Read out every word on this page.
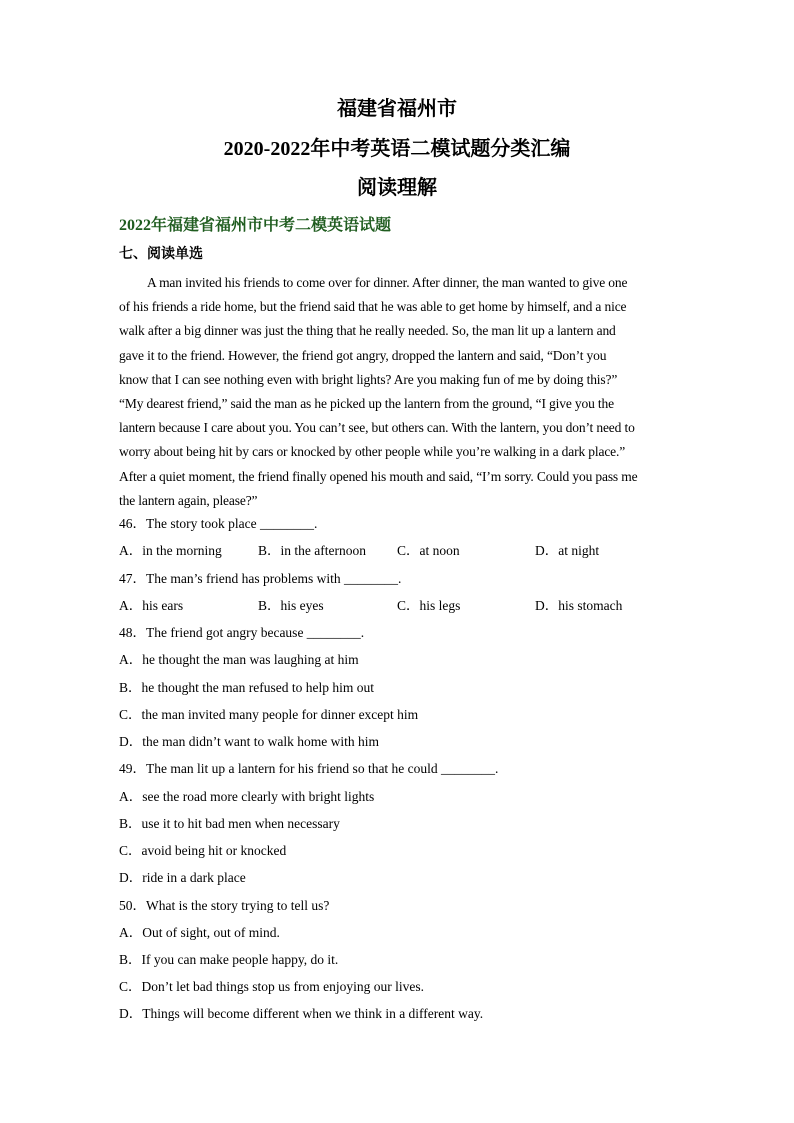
福建省福州市
2020-2022年中考英语二模试题分类汇编
阅读理解
2022年福建省福州市中考二模英语试题
七、阅读单选
A man invited his friends to come over for dinner. After dinner, the man wanted to give one
of his friends a ride home, but the friend said that he was able to get home by himself, and a nice
walk after a big dinner was just the thing that he really needed. So, the man lit up a lantern and
gave it to the friend. However, the friend got angry, dropped the lantern and said, “Don’t you
know that I can see nothing even with bright lights? Are you making fun of me by doing this?”
“My dearest friend,” said the man as he picked up the lantern from the ground, “I give you the
lantern because I care about you. You can’t see, but others can. With the lantern, you don’t need to
worry about being hit by cars or knocked by other people while you’re walking in a dark place.”
After a quiet moment, the friend finally opened his mouth and said, “I’m sorry. Could you pass me
the lantern again, please?”
46．The story took place ________.
A．in the morning	B．in the afternoon C．at noon	D．at night
47．The man’s friend has problems with ________.
A．his ears	B．his eyes	C．his legs	D．his stomach
48．The friend got angry because ________.
A．he thought the man was laughing at him
B．he thought the man refused to help him out
C．the man invited many people for dinner except him
D．the man didn’t want to walk home with him
49．The man lit up a lantern for his friend so that he could ________.
A．see the road more clearly with bright lights
B．use it to hit bad men when necessary
C．avoid being hit or knocked
D．ride in a dark place
50．What is the story trying to tell us?
A．Out of sight, out of mind.
B．If you can make people happy, do it.
C．Don’t let bad things stop us from enjoying our lives.
D．Things will become different when we think in a different way.
